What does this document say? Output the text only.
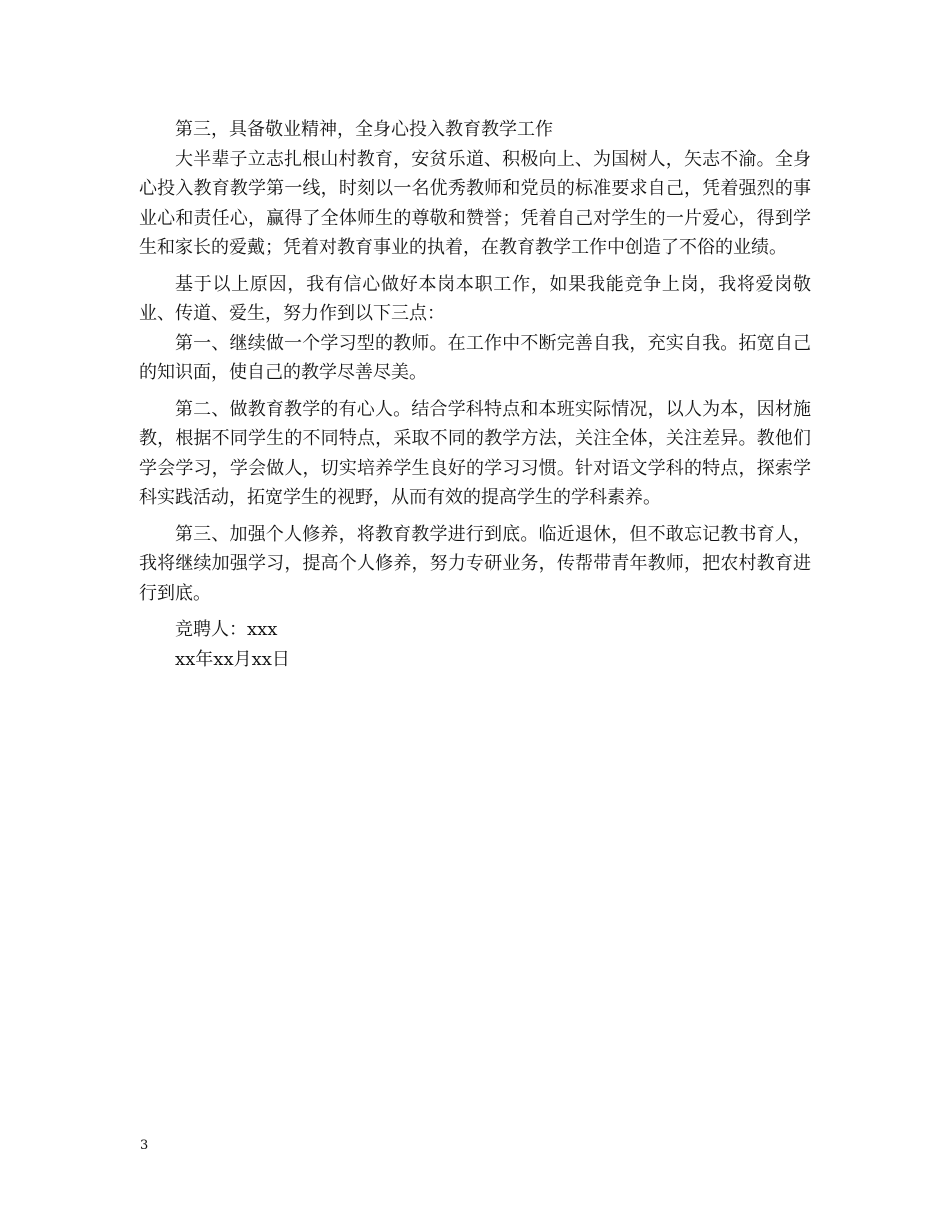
第三，具备敬业精神，全身心投入教育教学工作

大半辈子立志扎根山村教育，安贫乐道、积极向上、为国树人，矢志不渝。全身心投入教育教学第一线，时刻以一名优秀教师和党员的标准要求自己，凭着强烈的事业心和责任心，赢得了全体师生的尊敬和赞誉；凭着自己对学生的一片爱心，得到学生和家长的爱戴；凭着对教育事业的执着，在教育教学工作中创造了不俗的业绩。

基于以上原因，我有信心做好本岗本职工作，如果我能竞争上岗，我将爱岗敬业、传道、爱生，努力作到以下三点：

第一、继续做一个学习型的教师。在工作中不断完善自我，充实自我。拓宽自己的知识面，使自己的教学尽善尽美。

第二、做教育教学的有心人。结合学科特点和本班实际情况，以人为本，因材施教，根据不同学生的不同特点，采取不同的教学方法，关注全体，关注差异。教他们学会学习，学会做人，切实培养学生良好的学习习惯。针对语文学科的特点，探索学科实践活动，拓宽学生的视野，从而有效的提高学生的学科素养。

第三、加强个人修养，将教育教学进行到底。临近退休，但不敢忘记教书育人，我将继续加强学习，提高个人修养，努力专研业务，传帮带青年教师，把农村教育进行到底。

竞聘人：xxx

xx年xx月xx日

3
